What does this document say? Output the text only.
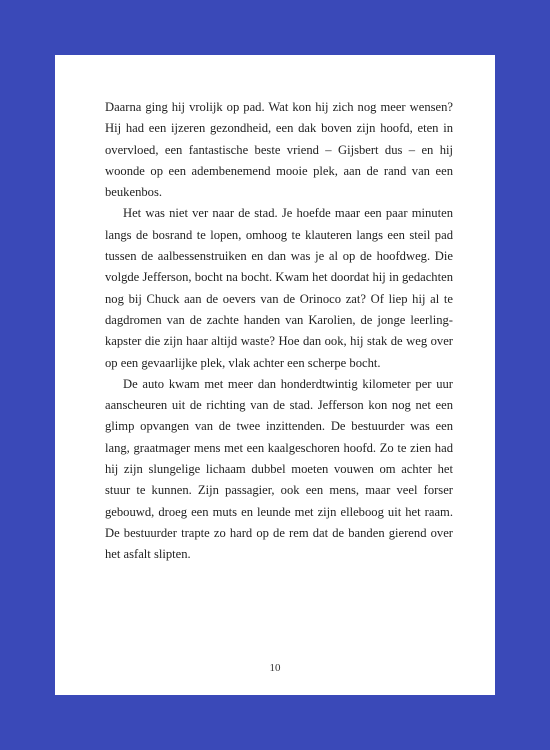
Daarna ging hij vrolijk op pad. Wat kon hij zich nog meer wensen? Hij had een ijzeren gezondheid, een dak boven zijn hoofd, eten in overvloed, een fantastische beste vriend – Gijsbert dus – en hij woonde op een adembenemend mooie plek, aan de rand van een beukenbos.

Het was niet ver naar de stad. Je hoefde maar een paar minuten langs de bosrand te lopen, omhoog te klauteren langs een steil pad tussen de aalbessenstruiken en dan was je al op de hoofdweg. Die volgde Jefferson, bocht na bocht. Kwam het doordat hij in gedachten nog bij Chuck aan de oevers van de Orinoco zat? Of liep hij al te dagdromen van de zachte handen van Karolien, de jonge leerling-kapster die zijn haar altijd waste? Hoe dan ook, hij stak de weg over op een gevaarlijke plek, vlak achter een scherpe bocht.

De auto kwam met meer dan honderdtwintig kilometer per uur aanscheuren uit de richting van de stad. Jefferson kon nog net een glimp opvangen van de twee inzittenden. De bestuurder was een lang, graatmager mens met een kaalgeschoren hoofd. Zo te zien had hij zijn slungelige lichaam dubbel moeten vouwen om achter het stuur te kunnen. Zijn passagier, ook een mens, maar veel forser gebouwd, droeg een muts en leunde met zijn elleboog uit het raam. De bestuurder trapte zo hard op de rem dat de banden gierend over het asfalt slipten.

10
